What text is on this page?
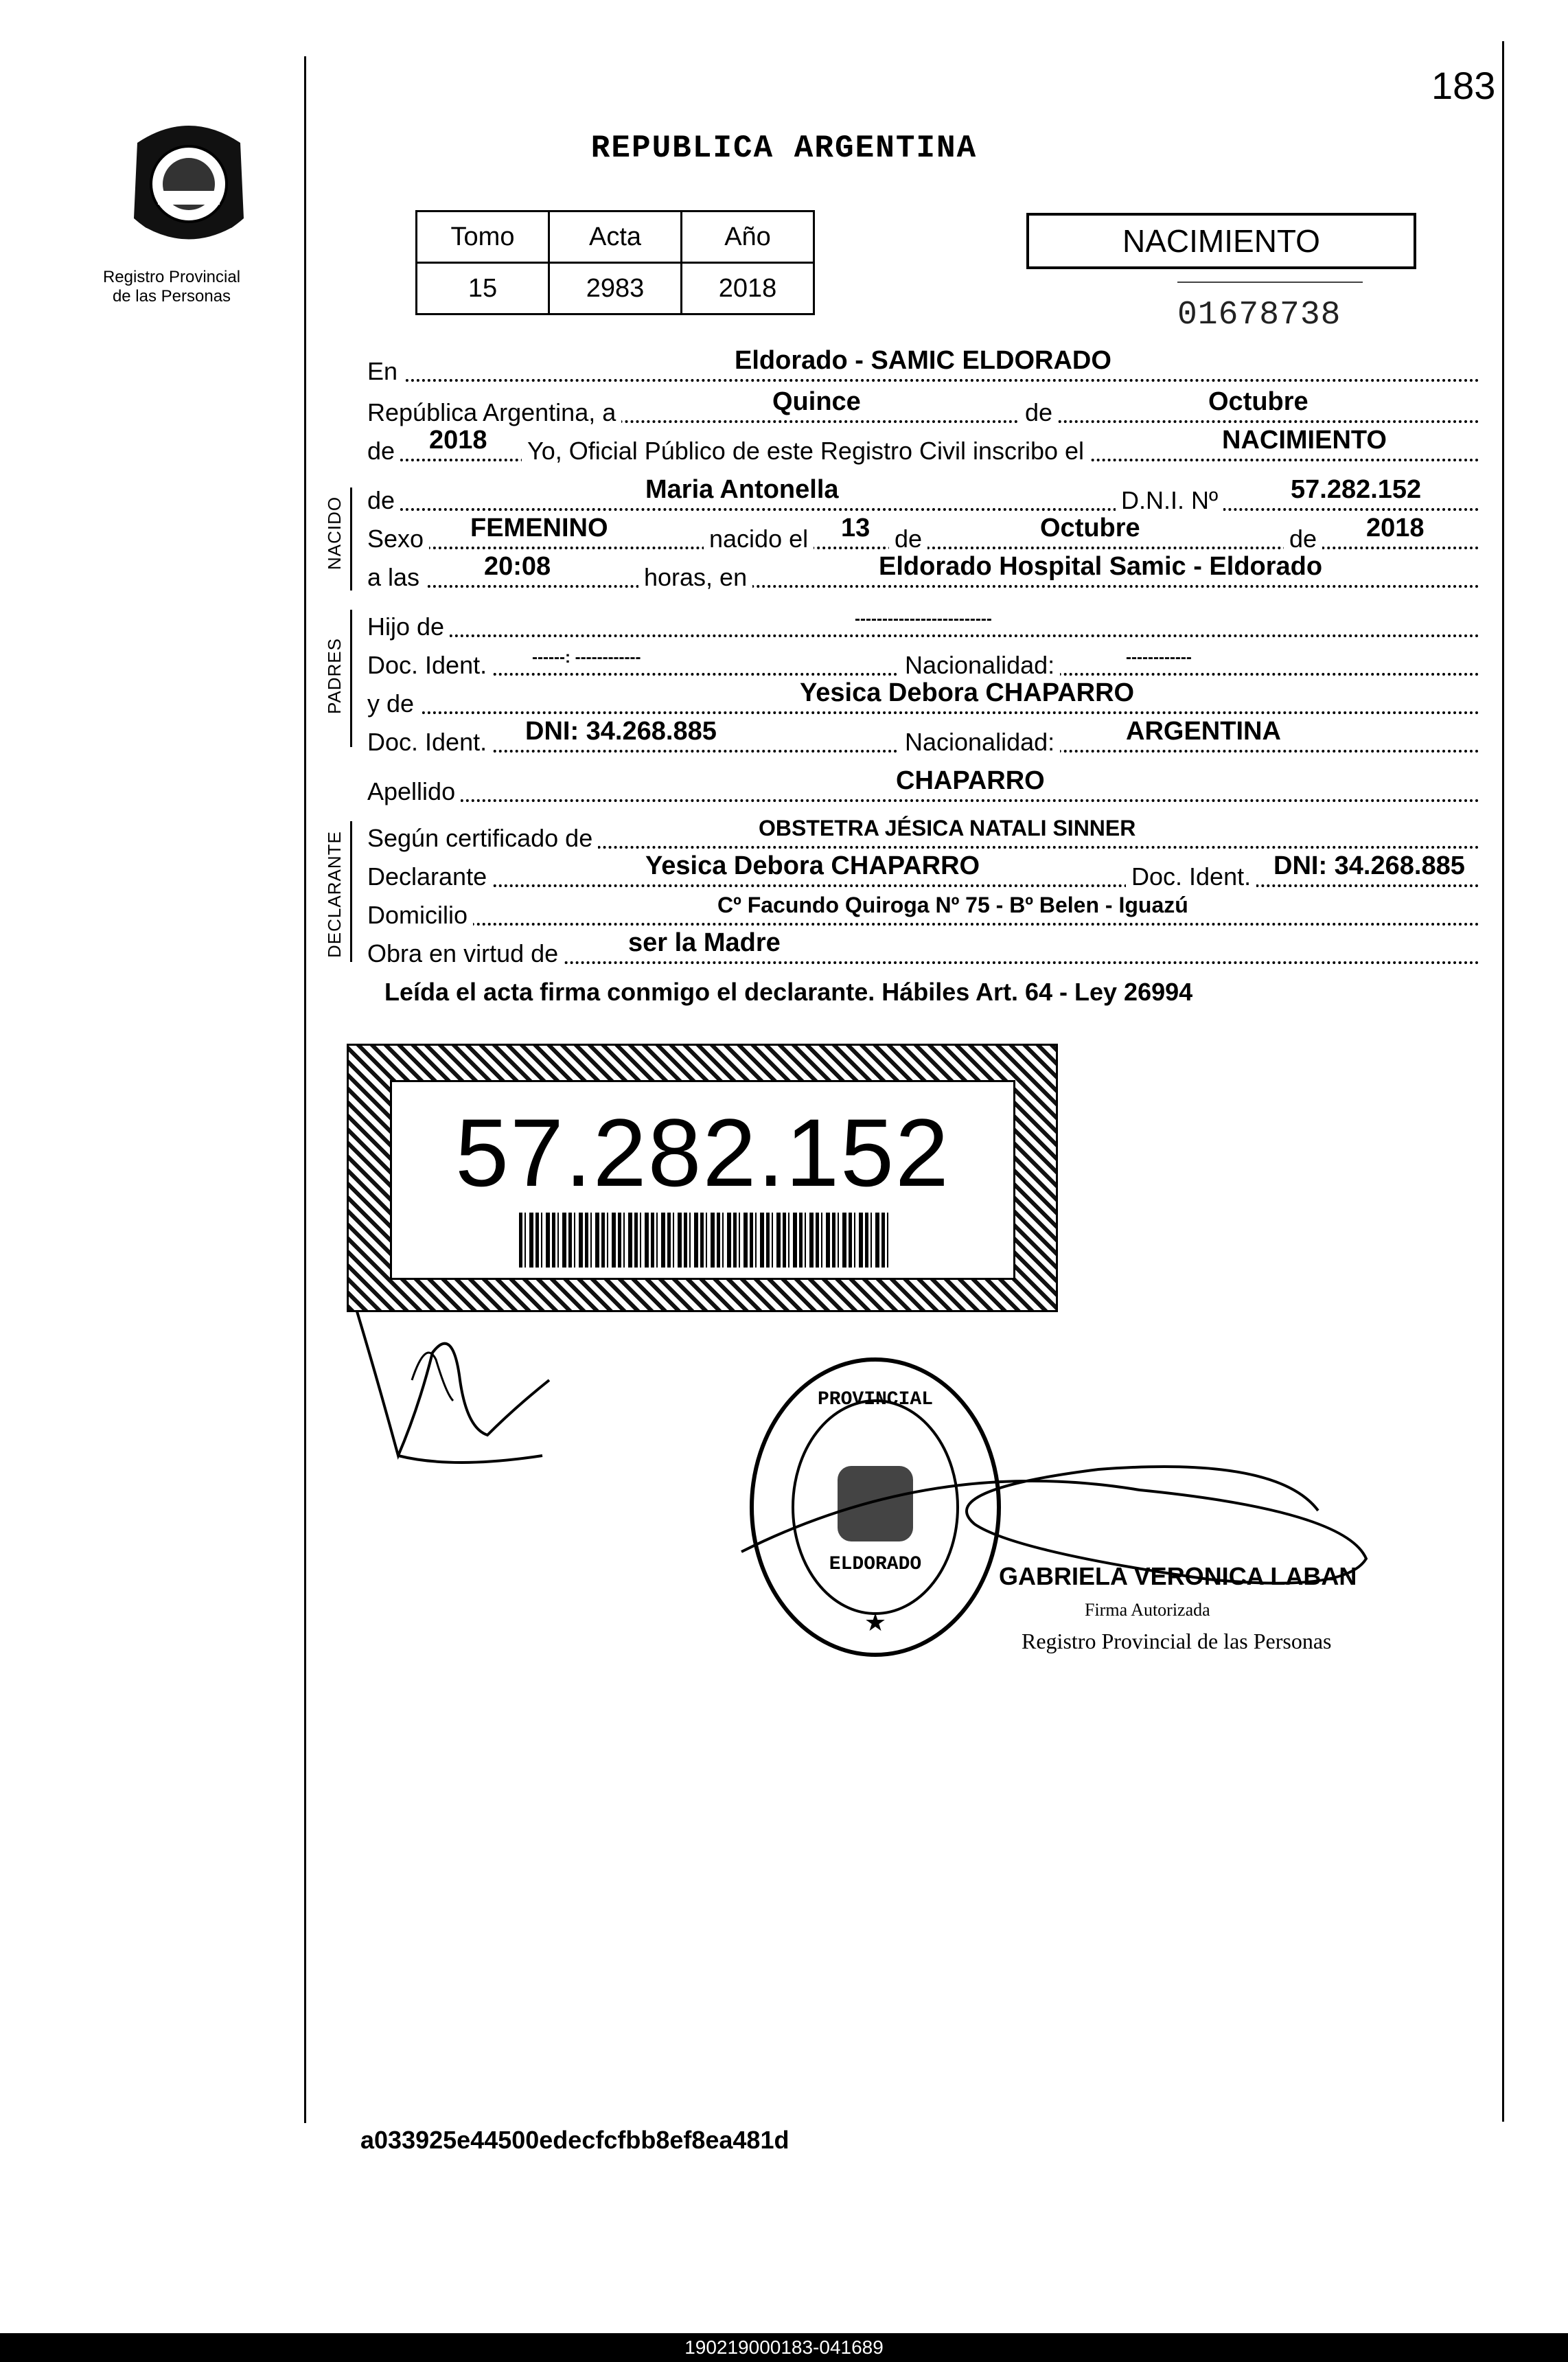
183
Registro Provincial
de las Personas
REPUBLICA ARGENTINA
Tomo	Acta	Año
15	2983	2018
NACIMIENTO
01678738
En	Eldorado - SAMIC ELDORADO
República Argentina, a	Quince	de	Octubre
de 2018 Yo, Oficial Público de este Registro Civil inscribo el	NACIMIENTO
NACIDO de	Maria Antonella	D.N.I. Nº	57.282.152
Sexo FEMENINO	nacido el 13 de	Octubre	de 2018
a las 20:08	horas, en	Eldorado Hospital Samic - Eldorado
PADRES
Hijo de	-------------------------
Doc. Ident.	------: ------------	Nacionalidad:	------------
y de	Yesica Debora CHAPARRO
Doc. Ident. DNI: 34.268.885	Nacionalidad:	ARGENTINA
Apellido	CHAPARRO
DECLARANTE Según certificado de	OBSTETRA JÉSICA NATALI SINNER
Declarante	Yesica Debora CHAPARRO	Doc. Ident. DNI: 34.268.885
Domicilio	Cº Facundo Quiroga Nº 75 - Bº Belen - Iguazú
Obra en virtud de	ser la Madre
Leída el acta firma conmigo el declarante. Hábiles Art. 64 - Ley 26994
57.282.152
PROVINCIAL
ELDORADO
★
GABRIELA VERONICA LABAN
Firma Autorizada
Registro Provincial de las Personas
a033925e44500edecfcfbb8ef8ea481d
190219000183-041689
